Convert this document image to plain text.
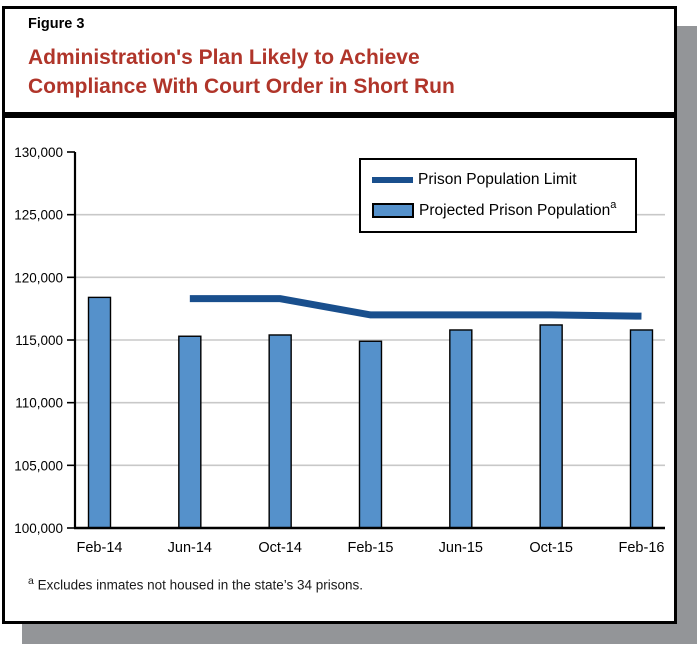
Figure 3
Administration's Plan Likely to Achieve
Compliance With Court Order in Short Run
100,000
105,000
110,000
115,000
120,000
125,000
130,000
Feb-14	Jun-14	Oct-14	Feb-15	Jun-15	Oct-15	Feb-16
Prison Population Limit
Projected Prison Population$^a$
$^a$ Excludes inmates not housed in the state’s 34 prisons.
